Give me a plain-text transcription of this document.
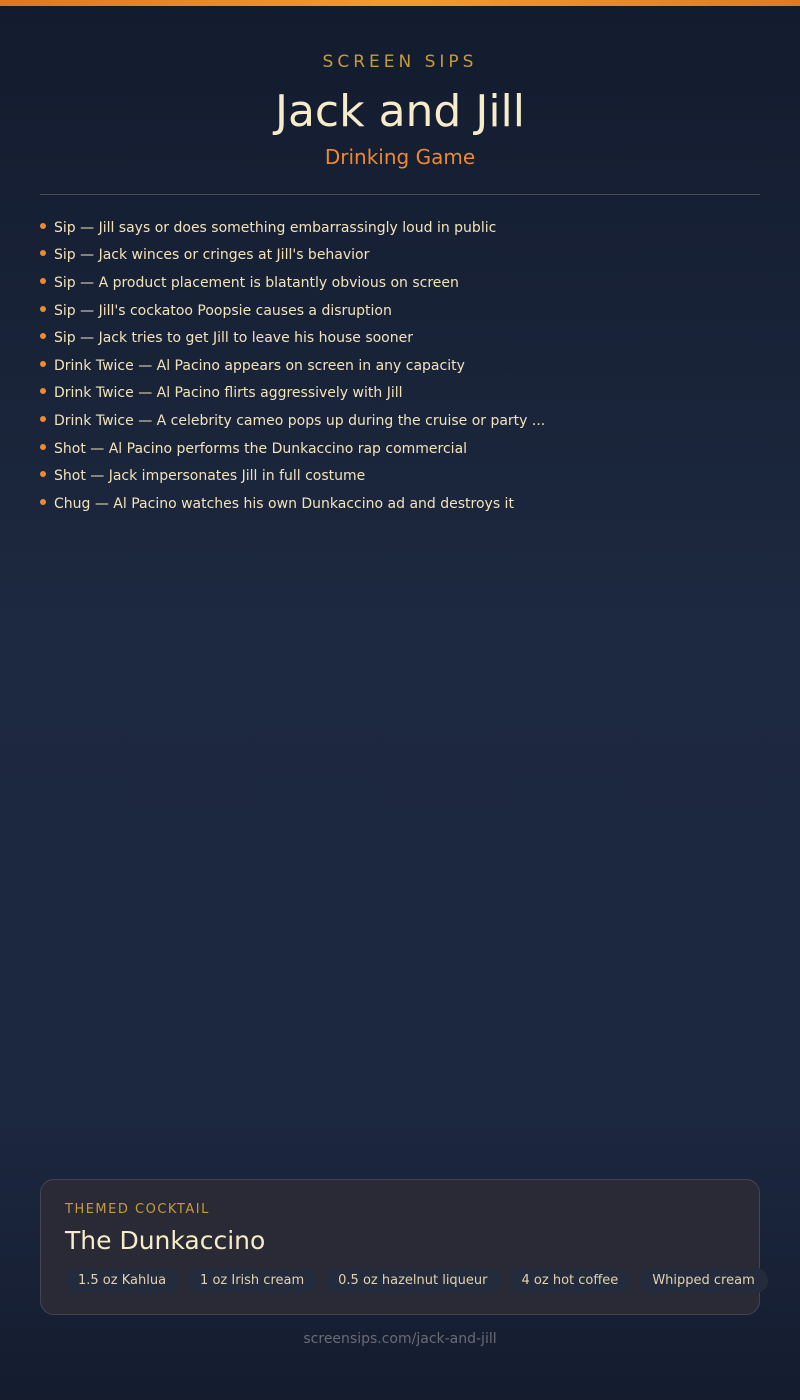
SCREEN SIPS
Jack and Jill
Drinking Game
Sip — Jill says or does something embarrassingly loud in public
Sip — Jack winces or cringes at Jill's behavior
Sip — A product placement is blatantly obvious on screen
Sip — Jill's cockatoo Poopsie causes a disruption
Sip — Jack tries to get Jill to leave his house sooner
Drink Twice — Al Pacino appears on screen in any capacity
Drink Twice — Al Pacino flirts aggressively with Jill
Drink Twice — A celebrity cameo pops up during the cruise or party ...
Shot — Al Pacino performs the Dunkaccino rap commercial
Shot — Jack impersonates Jill in full costume
Chug — Al Pacino watches his own Dunkaccino ad and destroys it
THEMED COCKTAIL
The Dunkaccino
1.5 oz Kahlua	1 oz Irish cream	0.5 oz hazelnut liqueur	4 oz hot coffee	Whipped cream
screensips.com/jack-and-jill
